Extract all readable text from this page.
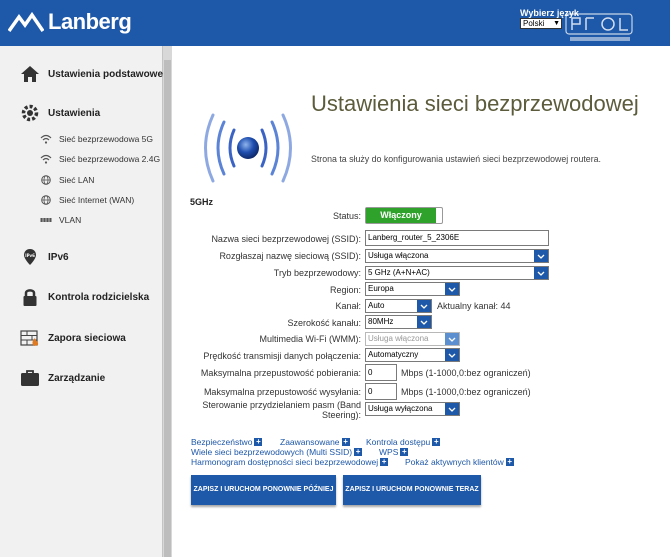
Lanberg	Wybierz język
Polski ▼
Ustawienia podstawowe
Ustawienia
Sieć bezprzewodowa 5G
Sieć bezprzewodowa 2.4G
Sieć LAN
Sieć Internet (WAN)
VLAN
IPv6 IPv6
Kontrola rodzicielska
Zapora sieciowa
Zarządzanie
Ustawienia sieci bezprzewodowej
Strona ta służy do konfigurowania ustawień sieci bezprzewodowej routera.
5GHz
Status:	Włączony
Nazwa sieci bezprzewodowej (SSID): Lanberg_router_5_2306E
Rozgłaszaj nazwę sieciową (SSID): Usługa włączona
Tryb bezprzewodowy: 5 GHz (A+N+AC)
Region: Europa
Kanał: Auto	Aktualny kanał: 44
Szerokość kanału: 80MHz
Multimedia Wi-Fi (WMM): Usługa włączona
Prędkość transmisji danych połączenia: Automatyczny
Maksymalna przepustowość pobierania: 0	Mbps (1-1000,0:bez ograniczeń)
Maksymalna przepustowość wysyłania: 0	Mbps (1-1000,0:bez ograniczeń)
Sterowanie przydzielaniem pasm (Band
Steering):
Usługa wyłączona
Bezpieczeństwo + Zaawansowane + Kontrola dostępu +
Wiele sieci bezprzewodowych (Multi SSID) + WPS +
Harmonogram dostępności sieci bezprzewodowej + Pokaż aktywnych klientów +
ZAPISZ I URUCHOM PONOWNIE PÓŹNIEJ	ZAPISZ I URUCHOM PONOWNIE TERAZ
